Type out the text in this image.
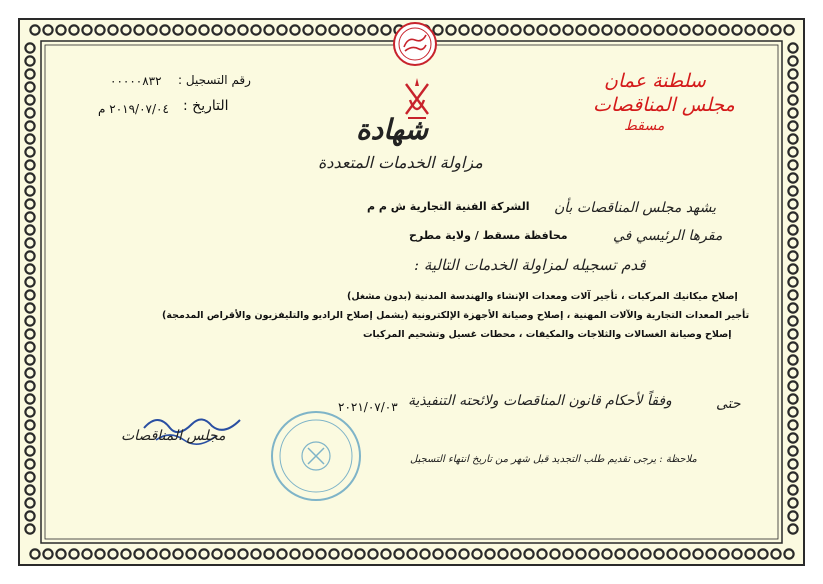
رقم التسجيل :
٠٠٠٠٠٨٣٢
التاريخ :
٢٠١٩/٠٧/٠٤ م
سلطنة عمان
مجلس المناقصات
مسقط
شهادة
مزاولة الخدمات المتعددة
يشهد مجلس المناقصات بأن
الشركة الفنية التجارية ش م م
مقرها الرئيسي في
محافظة مسقط / ولاية مطرح
قدم تسجيله لمزاولة الخدمات التالية :
إصلاح ميكانيك المركبات ، تأجير آلات ومعدات الإنشاء والهندسة المدنية (بدون مشغل)
تأجير المعدات التجارية والآلات المهنية ، إصلاح وصيانة الأجهزة الإلكترونية (يشمل إصلاح الراديو والتليفزيون والأقراص المدمجة)
إصلاح وصيانة الغسالات والثلاجات والمكيفات ، محطات غسيل وتشحيم المركبات
حتى
٢٠٢١/٠٧/٠٣ وفقاً لأحكام قانون المناقصات ولائحته التنفيذية
مجلس المناقصات
ملاحظة : يرجى تقديم طلب التجديد قبل شهر من تاريخ انتهاء التسجيل
